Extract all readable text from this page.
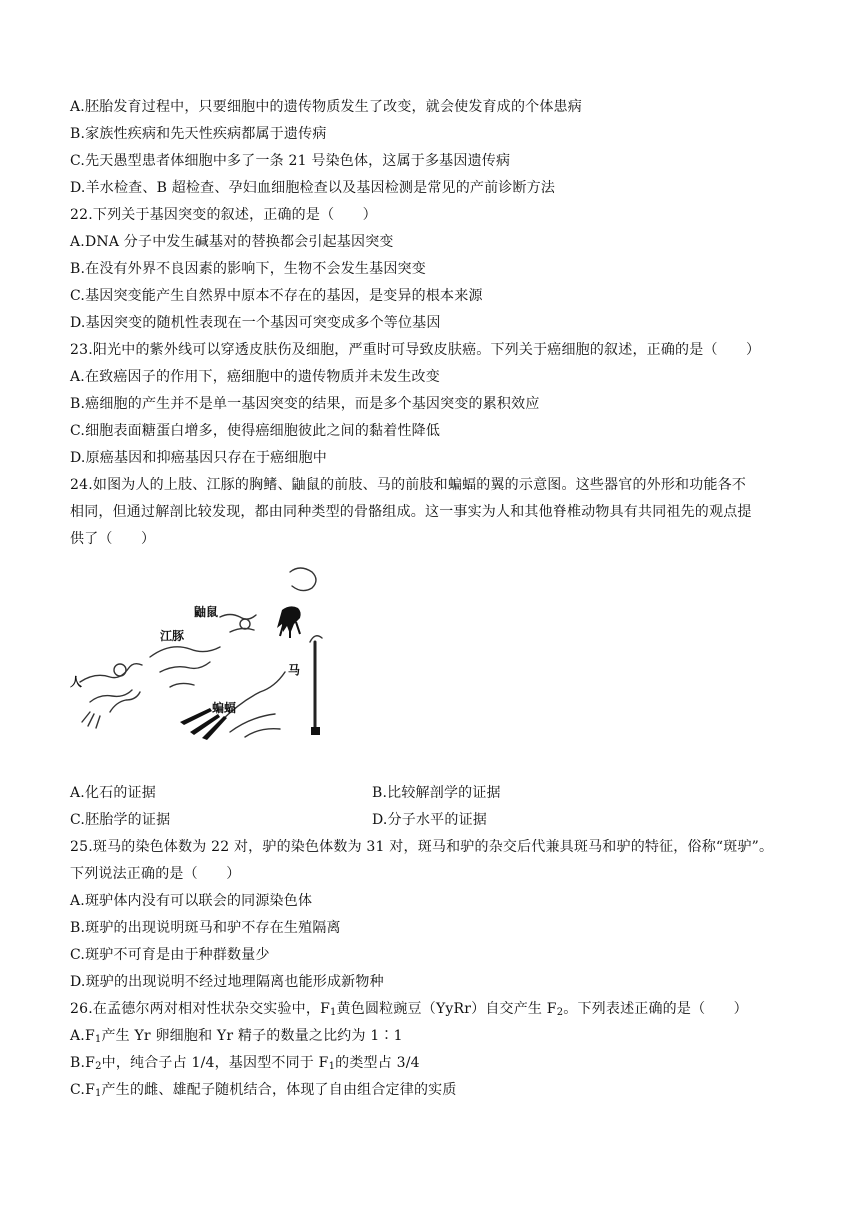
A.胚胎发育过程中，只要细胞中的遗传物质发生了改变，就会使发育成的个体患病
B.家族性疾病和先天性疾病都属于遗传病
C.先天愚型患者体细胞中多了一条 21 号染色体，这属于多基因遗传病
D.羊水检查、B 超检查、孕妇血细胞检查以及基因检测是常见的产前诊断方法
22.下列关于基因突变的叙述，正确的是（　　）
A.DNA 分子中发生碱基对的替换都会引起基因突变
B.在没有外界不良因素的影响下，生物不会发生基因突变
C.基因突变能产生自然界中原本不存在的基因，是变异的根本来源
D.基因突变的随机性表现在一个基因可突变成多个等位基因
23.阳光中的紫外线可以穿透皮肤伤及细胞，严重时可导致皮肤癌。下列关于癌细胞的叙述，正确的是（　　）
A.在致癌因子的作用下，癌细胞中的遗传物质并未发生改变
B.癌细胞的产生并不是单一基因突变的结果，而是多个基因突变的累积效应
C.细胞表面糖蛋白增多，使得癌细胞彼此之间的黏着性降低
D.原癌基因和抑癌基因只存在于癌细胞中
24.如图为人的上肢、江豚的胸鳍、鼬鼠的前肢、马的前肢和蝙蝠的翼的示意图。这些器官的外形和功能各不
相同，但通过解剖比较发现，都由同种类型的骨骼组成。这一事实为人和其他脊椎动物具有共同祖先的观点提
供了（　　）
鼬鼠
江豚
人
马
蝙蝠
A.化石的证据	B.比较解剖学的证据
C.胚胎学的证据	D.分子水平的证据
25.斑马的染色体数为 22 对，驴的染色体数为 31 对，斑马和驴的杂交后代兼具斑马和驴的特征，俗称“斑驴”。
下列说法正确的是（　　）
A.斑驴体内没有可以联会的同源染色体
B.斑驴的出现说明斑马和驴不存在生殖隔离
C.斑驴不可育是由于种群数量少
D.斑驴的出现说明不经过地理隔离也能形成新物种
26.在孟德尔两对相对性状杂交实验中，$F_1$黄色圆粒豌豆（YyRr）自交产生 $F_2$。下列表述正确的是（　　）
$A.F_1$产生 Yr 卵细胞和 Yr 精子的数量之比约为 1∶1
$B.F_2$中，纯合子占 1/4，基因型不同于 $F_1$的类型占 3/4
$C.F_1$产生的雌、雄配子随机结合，体现了自由组合定律的实质
